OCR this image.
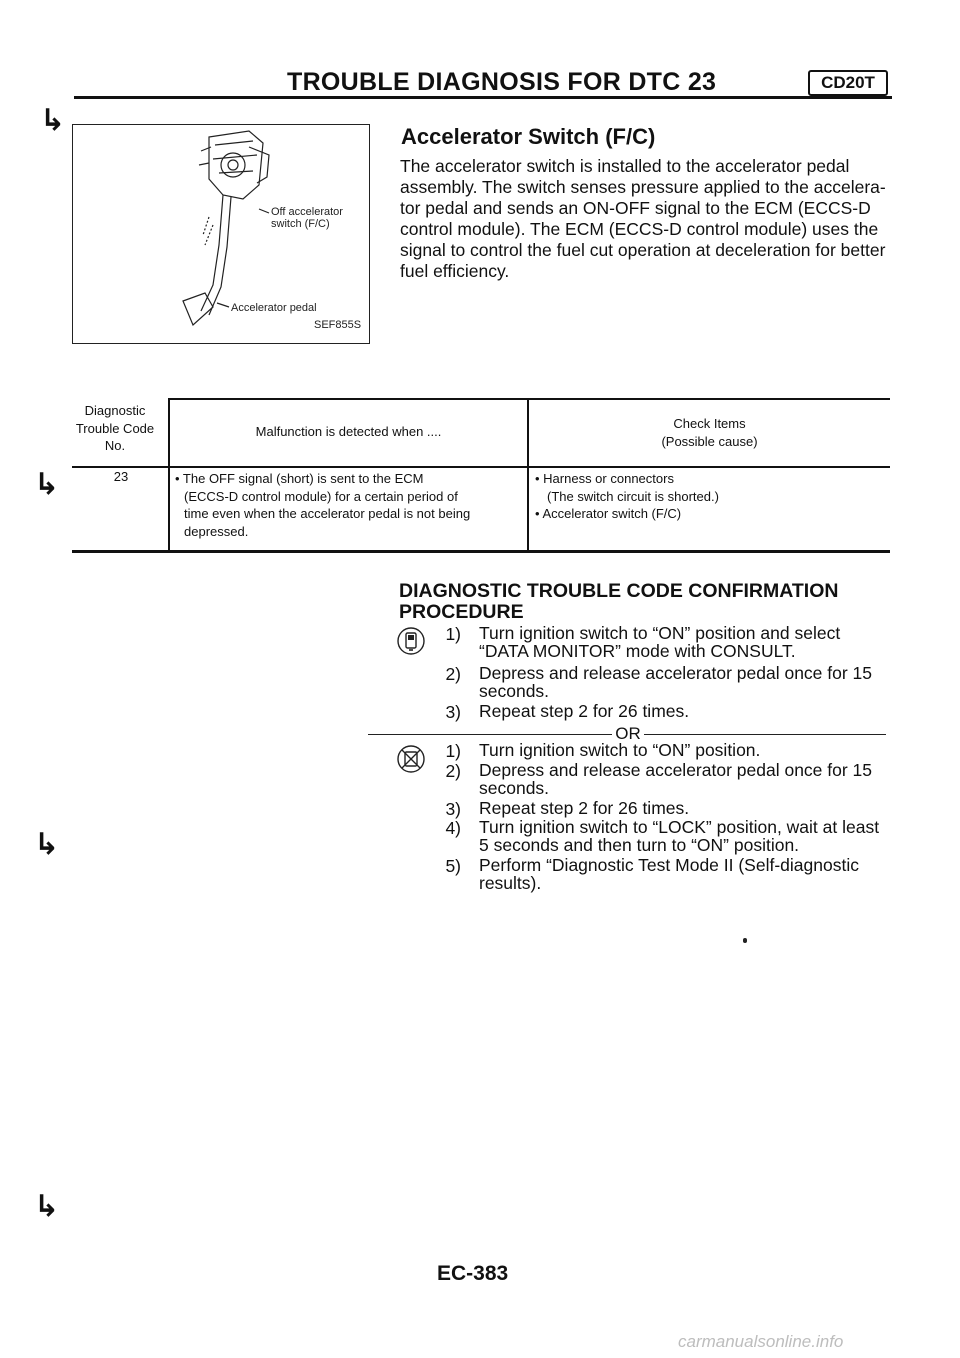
TROUBLE DIAGNOSIS FOR DTC 23	CD20T
↳
↳
↳
↳
Off accelerator
switch (F/C)
Accelerator pedal
SEF855S
Accelerator Switch (F/C)
The accelerator switch is installed to the accelerator pedal
assembly. The switch senses pressure applied to the accelera-
tor pedal and sends an ON-OFF signal to the ECM (ECCS-D
control module). The ECM (ECCS-D control module) uses the
signal to control the fuel cut operation at deceleration for better
fuel efficiency.
Diagnostic
Trouble Code
No.
Malfunction is detected when ....
Check Items
(Possible cause)
23	• The OFF signal (short) is sent to the ECM
(ECCS-D control module) for a certain period of
time even when the accelerator pedal is not being
depressed.
• Harness or connectors
(The switch circuit is shorted.)
• Accelerator switch (F/C)
DIAGNOSTIC TROUBLE CODE CONFIRMATION
PROCEDURE
1) Turn ignition switch to “ON” position and select
“DATA MONITOR” mode with CONSULT.
2) Depress and release accelerator pedal once for 15
seconds.
3) Repeat step 2 for 26 times.
OR
1) Turn ignition switch to “ON” position.
2) Depress and release accelerator pedal once for 15
seconds.
3) Repeat step 2 for 26 times.
4) Turn ignition switch to “LOCK” position, wait at least
5 seconds and then turn to “ON” position.
5) Perform “Diagnostic Test Mode II (Self-diagnostic
results).
EC-383
carmanualsonline.info
